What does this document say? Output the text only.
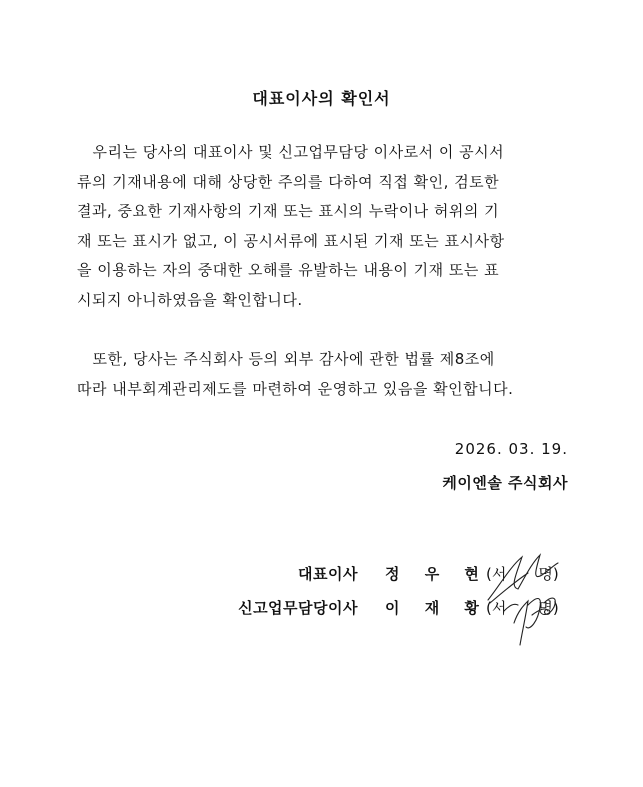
대표이사의 확인서

　우리는 당사의 대표이사 및 신고업무담당 이사로서 이 공시서
류의 기재내용에 대해 상당한 주의를 다하여 직접 확인, 검토한
결과, 중요한 기재사항의 기재 또는 표시의 누락이나 허위의 기
재 또는 표시가 없고, 이 공시서류에 표시된 기재 또는 표시사항
을 이용하는 자의 중대한 오해를 유발하는 내용이 기재 또는 표
시되지 아니하였음을 확인합니다.

　또한, 당사는 주식회사 등의 외부 감사에 관한 법률 제8조에
따라 내부회계관리제도를 마련하여 운영하고 있음을 확인합니다.

2026. 03. 19.
케이엔솔 주식회사
대표이사 정 우 현
(서 명)
신고업무담당이사 이 재 황
(서 명)
